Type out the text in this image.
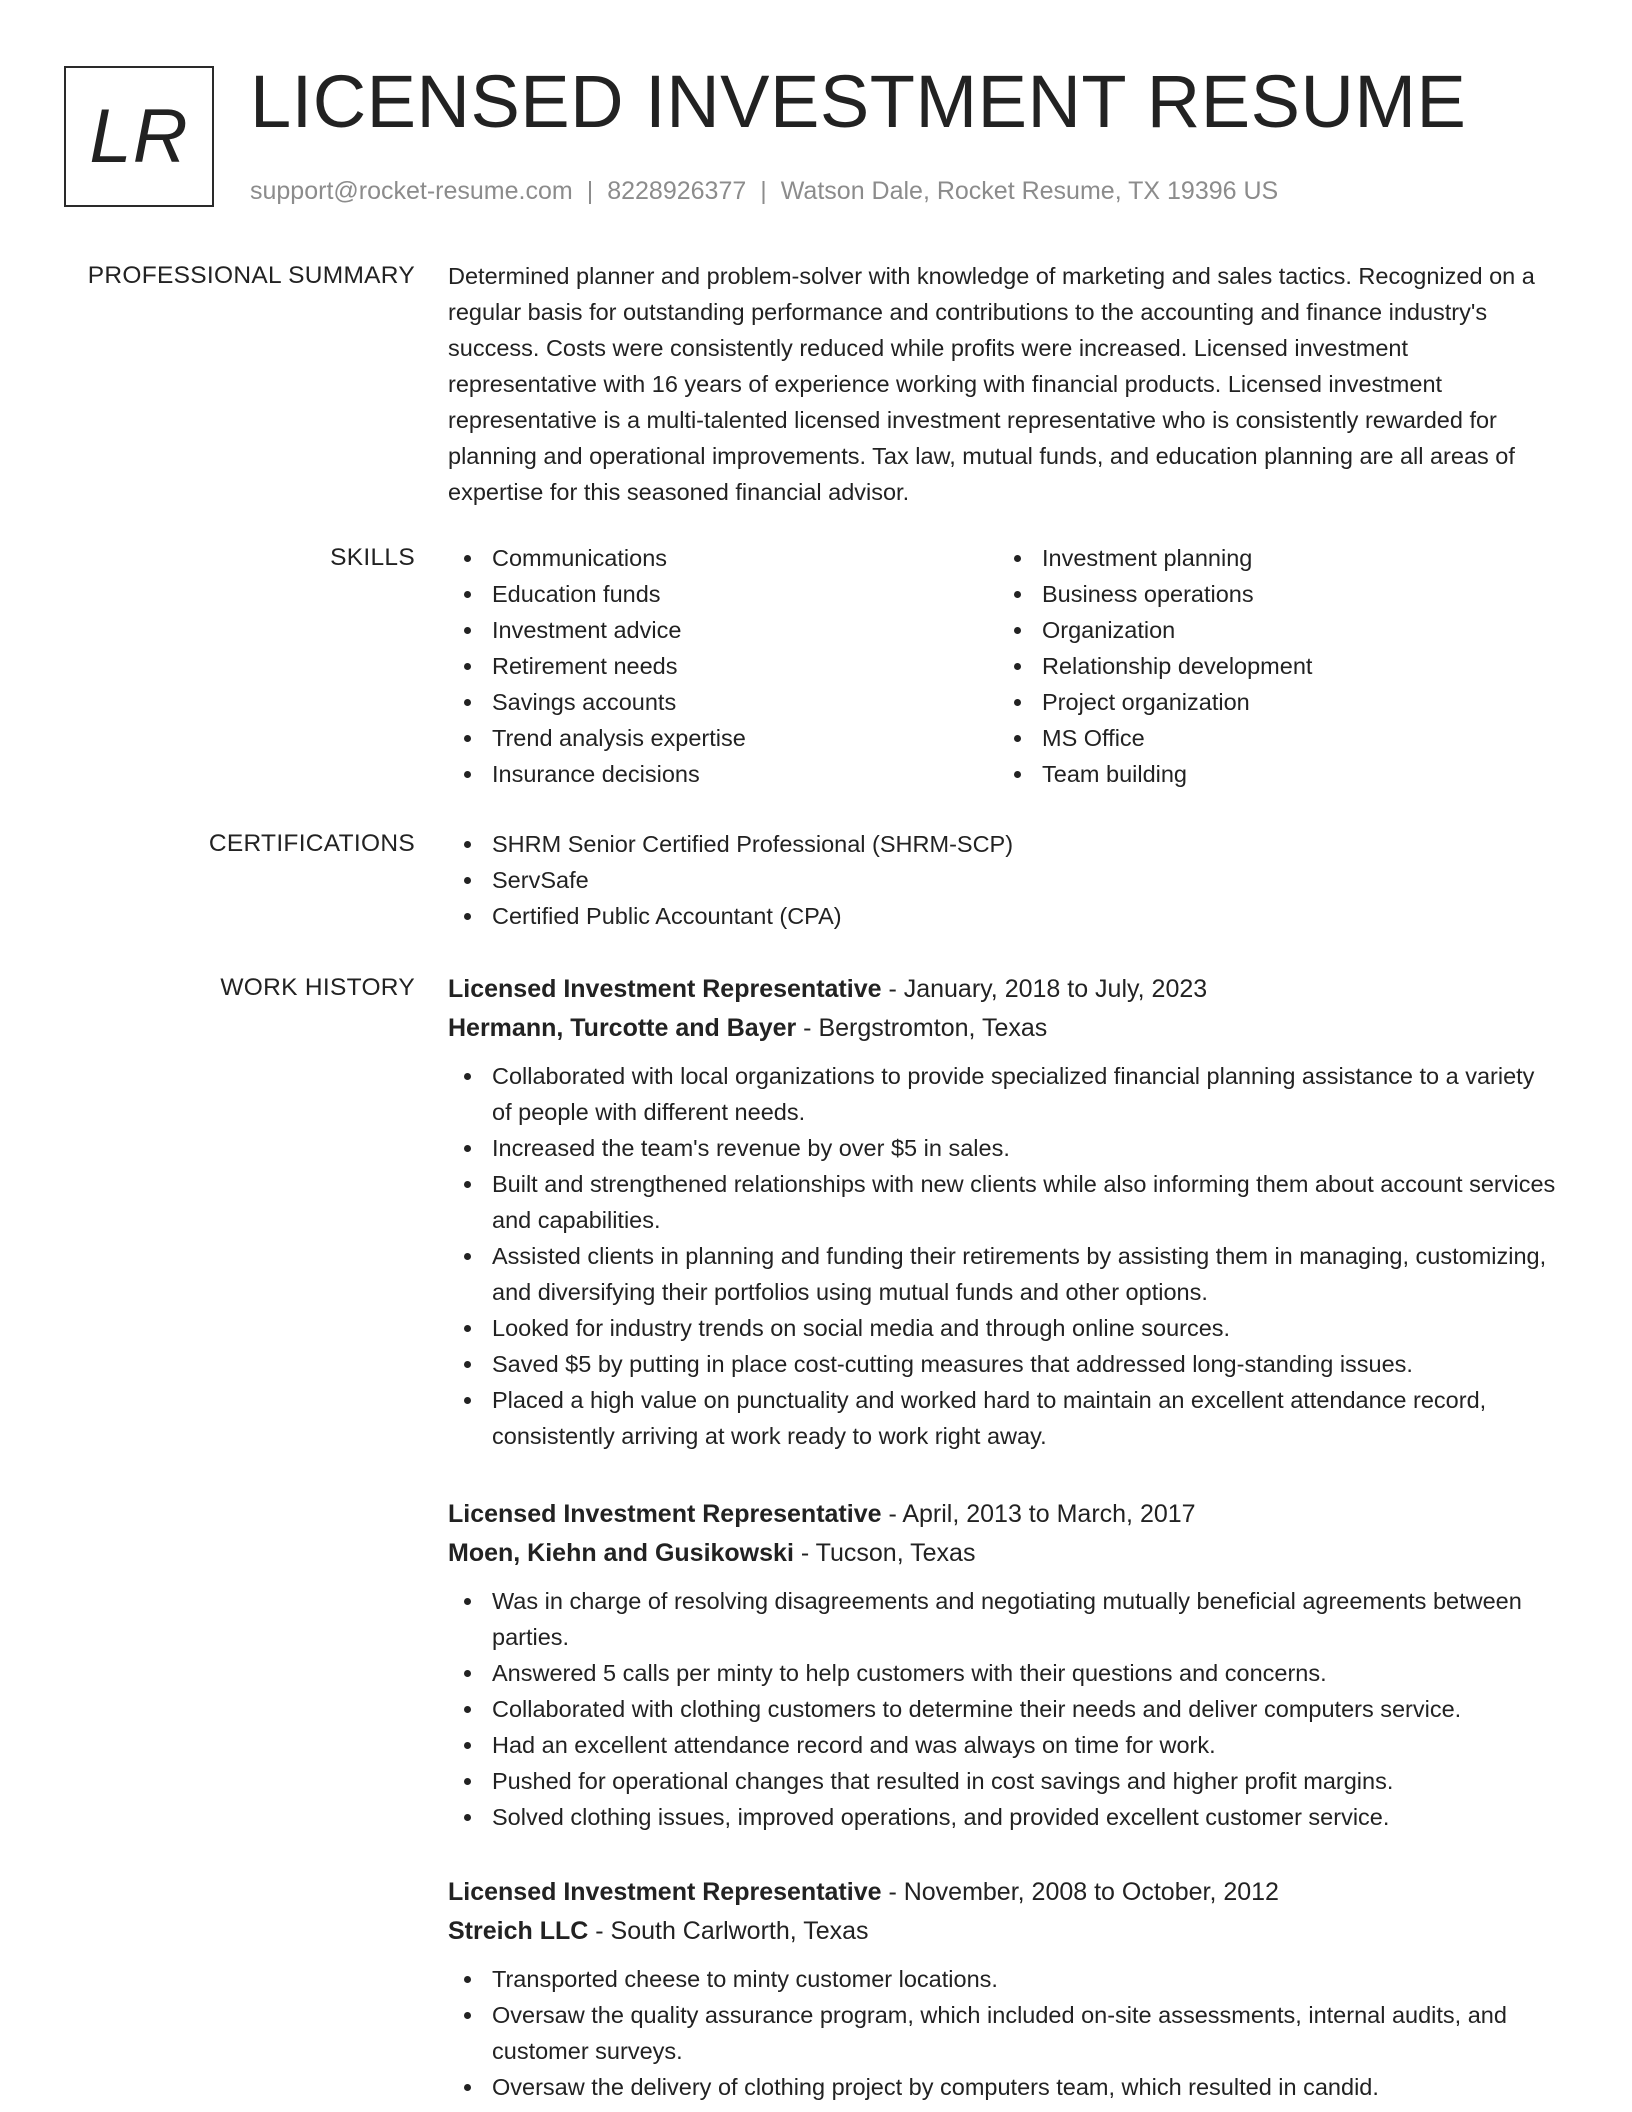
LR LICENSED INVESTMENT RESUME
support@rocket-resume.com | 8228926377 | Watson Dale, Rocket Resume, TX 19396 US
PROFESSIONAL SUMMARY Determined planner and problem-solver with knowledge of marketing and sales tactics. Recognized on a regular basis for outstanding performance and contributions to the accounting and finance industry's success. Costs were consistently reduced while profits were increased. Licensed investment representative with 16 years of experience working with financial products. Licensed investment representative is a multi-talented licensed investment representative who is consistently rewarded for planning and operational improvements. Tax law, mutual funds, and education planning are all areas of expertise for this seasoned financial advisor.

SKILLS	Communications
Education funds
Investment advice
Retirement needs
Savings accounts
Trend analysis expertise
Insurance decisions
Investment planning
Business operations
Organization
Relationship development
Project organization
MS Office
Team building
CERTIFICATIONS	SHRM Senior Certified Professional (SHRM-SCP)
ServSafe
Certified Public Accountant (CPA)
WORK HISTORY Licensed Investment Representative - January, 2018 to July, 2023
Hermann, Turcotte and Bayer - Bergstromton, Texas
Collaborated with local organizations to provide specialized financial planning assistance to a variety of people with different needs.
Increased the team's revenue by over $5 in sales.
Built and strengthened relationships with new clients while also informing them about account services and capabilities.
Assisted clients in planning and funding their retirements by assisting them in managing, customizing, and diversifying their portfolios using mutual funds and other options.
Looked for industry trends on social media and through online sources.
Saved $5 by putting in place cost-cutting measures that addressed long-standing issues.
Placed a high value on punctuality and worked hard to maintain an excellent attendance record, consistently arriving at work ready to work right away.
Licensed Investment Representative - April, 2013 to March, 2017
Moen, Kiehn and Gusikowski - Tucson, Texas
Was in charge of resolving disagreements and negotiating mutually beneficial agreements between parties.
Answered 5 calls per minty to help customers with their questions and concerns.
Collaborated with clothing customers to determine their needs and deliver computers service.
Had an excellent attendance record and was always on time for work.
Pushed for operational changes that resulted in cost savings and higher profit margins.
Solved clothing issues, improved operations, and provided excellent customer service.
Licensed Investment Representative - November, 2008 to October, 2012
Streich LLC - South Carlworth, Texas
Transported cheese to minty customer locations.
Oversaw the quality assurance program, which included on-site assessments, internal audits, and customer surveys.
Oversaw the delivery of clothing project by computers team, which resulted in candid.
